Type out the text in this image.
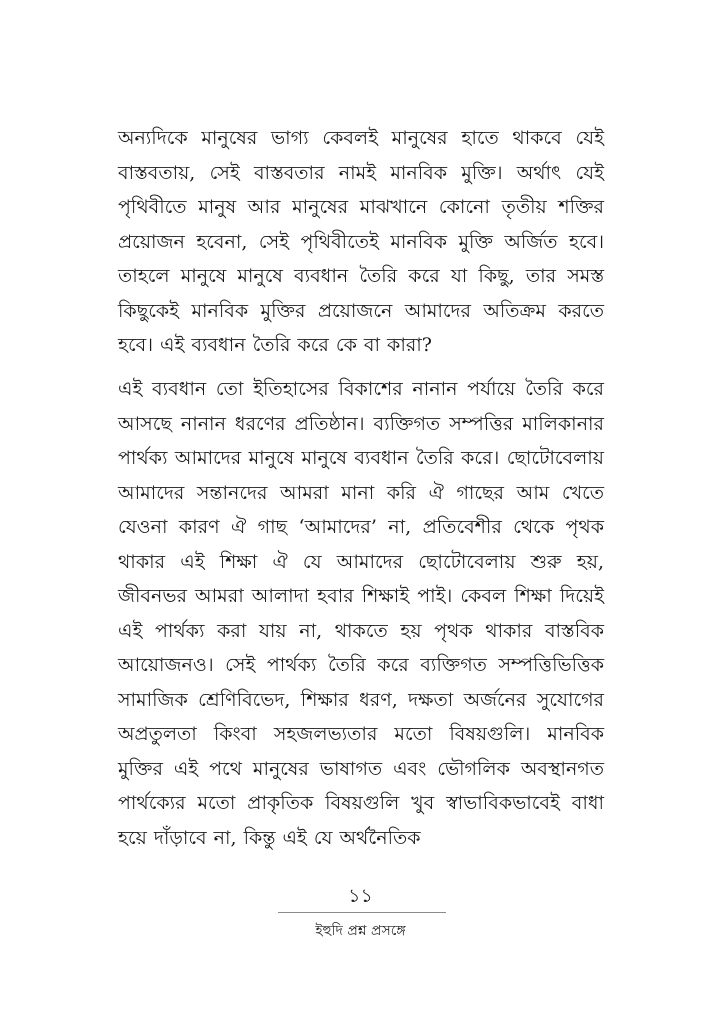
অন্যদিকে মানুষের ভাগ্য কেবলই মানুষের হাতে থাকবে যেই বাস্তবতায়, সেই বাস্তবতার নামই মানবিক মুক্তি। অর্থাৎ যেই পৃথিবীতে মানুষ আর মানুষের মাঝখানে কোনো তৃতীয় শক্তির প্রয়োজন হবেনা, সেই পৃথিবীতেই মানবিক মুক্তি অর্জিত হবে। তাহলে মানুষে মানুষে ব্যবধান তৈরি করে যা কিছু, তার সমস্ত কিছুকেই মানবিক মুক্তির প্রয়োজনে আমাদের অতিক্রম করতে হবে। এই ব্যবধান তৈরি করে কে বা কারা?

এই ব্যবধান তো ইতিহাসের বিকাশের নানান পর্যায়ে তৈরি করে আসছে নানান ধরণের প্রতিষ্ঠান। ব্যক্তিগত সম্পত্তির মালিকানার পার্থক্য আমাদের মানুষে মানুষে ব্যবধান তৈরি করে। ছোটোবেলায় আমাদের সন্তানদের আমরা মানা করি ঐ গাছের আম খেতে যেওনা কারণ ঐ গাছ ‘আমাদের’ না, প্রতিবেশীর থেকে পৃথক থাকার এই শিক্ষা ঐ যে আমাদের ছোটোবেলায় শুরু হয়, জীবনভর আমরা আলাদা হবার শিক্ষাই পাই। কেবল শিক্ষা দিয়েই এই পার্থক্য করা যায় না, থাকতে হয় পৃথক থাকার বাস্তবিক আয়োজনও। সেই পার্থক্য তৈরি করে ব্যক্তিগত সম্পত্তিভিত্তিক সামাজিক শ্রেণিবিভেদ, শিক্ষার ধরণ, দক্ষতা অর্জনের সুযোগের অপ্রতুলতা কিংবা সহজলভ্যতার মতো বিষয়গুলি। মানবিক মুক্তির এই পথে মানুষের ভাষাগত এবং ভৌগলিক অবস্থানগত পার্থক্যের মতো প্রাকৃতিক বিষয়গুলি খুব স্বাভাবিকভাবেই বাধা হয়ে দাঁড়াবে না, কিন্তু এই যে অর্থনৈতিক

১১
ইহুদি প্রশ্ন প্রসঙ্গে
